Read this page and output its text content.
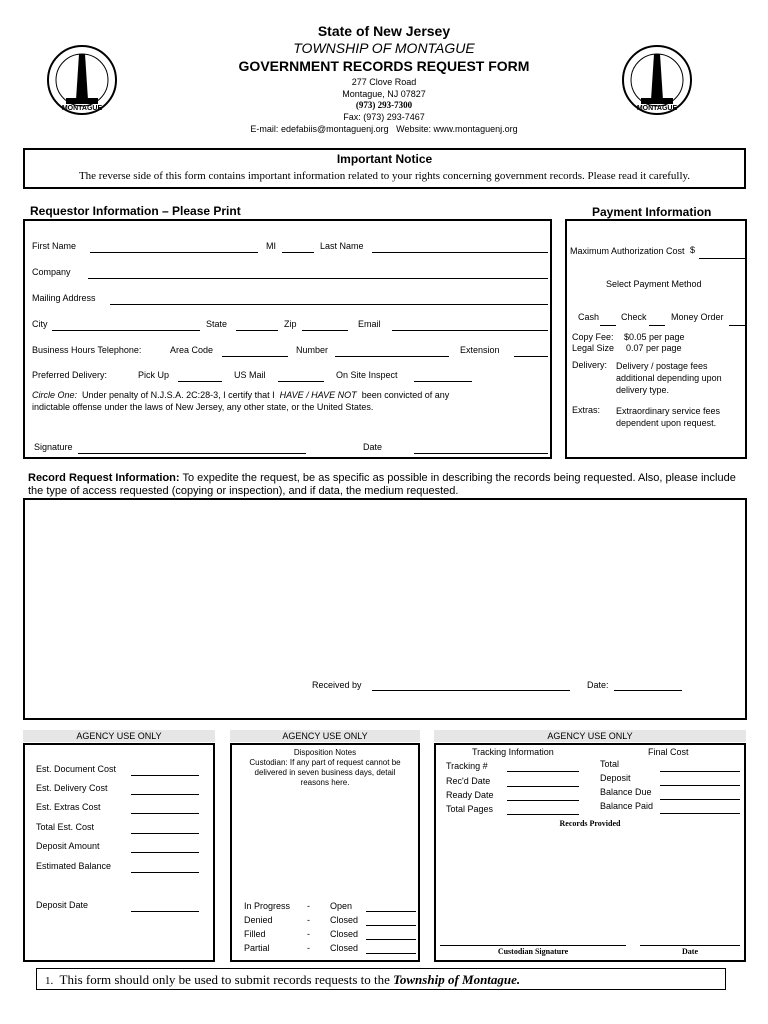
MONTAGUE	MONTAGUE
State of New Jersey
TOWNSHIP OF MONTAGUE
GOVERNMENT RECORDS REQUEST FORM
277 Clove Road
Montague, NJ 07827
(973) 293-7300
Fax: (973) 293-7467
E-mail: edefabiis@montaguenj.org Website: www.montaguenj.org
Important Notice
The reverse side of this form contains important information related to your rights concerning government records. Please read it carefully.
Requestor Information – Please Print
First Name	MI	Last Name
Company
Mailing Address
City	State	Zip	Email
Business Hours Telephone:	Area Code	Number	Extension
Preferred Delivery:	Pick Up	US Mail	On Site Inspect
Circle One: Under penalty of N.J.S.A. 2C:28-3, I certify that I HAVE / HAVE NOT been convicted of any
indictable offense under the laws of New Jersey, any other state, or the United States.
Signature	Date
Payment Information
Maximum Authorization Cost $
Select Payment Method
Cash Check	Money Order
Copy Fee: $0.05 per page
Legal Size 0.07 per page
Delivery: Delivery / postage fees additional depending upon delivery type.
Extras: Extraordinary service fees dependent upon request.
Record Request Information: To expedite the request, be as specific as possible in describing the records being requested. Also, please include the type of access requested (copying or inspection), and if data, the medium requested.
Received by	Date:
AGENCY USE ONLY	AGENCY USE ONLY	AGENCY USE ONLY
Est. Document Cost
Est. Delivery Cost
Est. Extras Cost
Total Est. Cost
Deposit Amount
Estimated Balance
Deposit Date
Disposition Notes
Custodian: If any part of request cannot be delivered in seven business days, detail reasons here.
In Progress - Open
Denied	- Closed
Filled	- Closed
Partial	- Closed
Tracking Information	Final Cost
Tracking #
Rec'd Date
Ready Date
Total Pages
Total
Deposit
Balance Due
Balance Paid
Records Provided
Custodian Signature	Date
1. This form should only be used to submit records requests to the Township of Montague.
